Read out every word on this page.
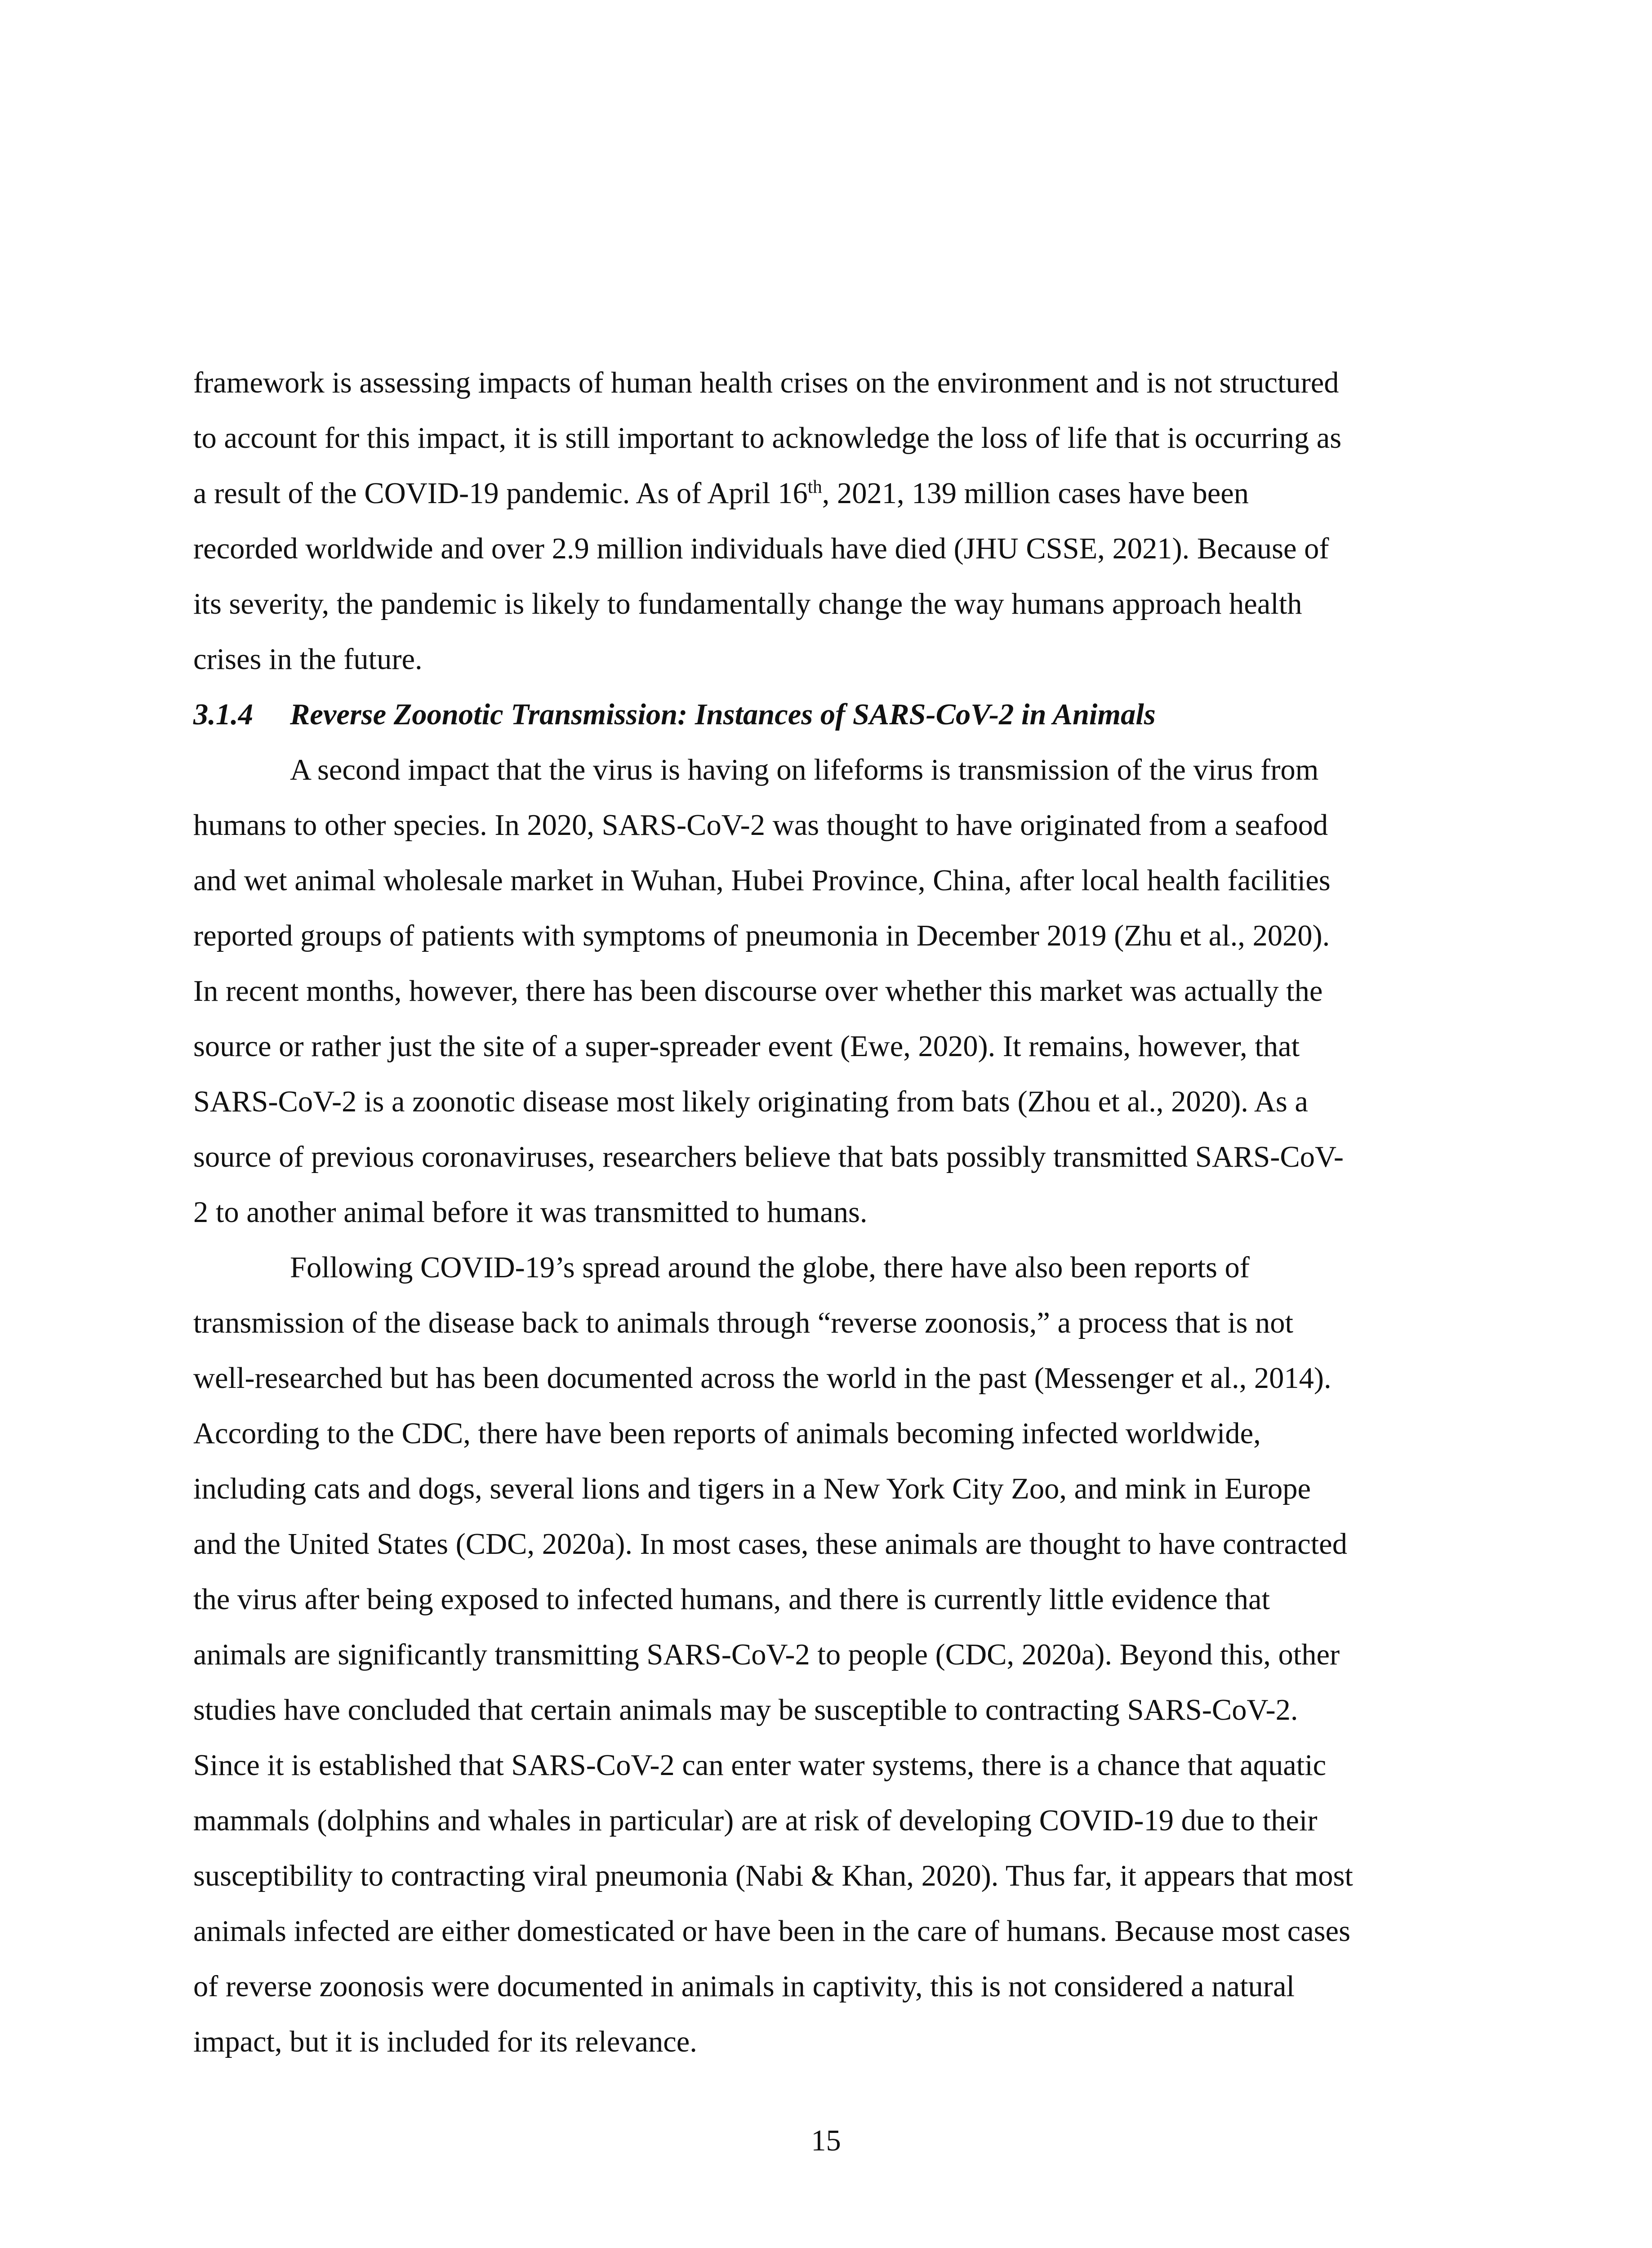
framework is assessing impacts of human health crises on the environment and is not structured
to account for this impact, it is still important to acknowledge the loss of life that is occurring as
a result of the COVID-19 pandemic. As of April 16th, 2021, 139 million cases have been
recorded worldwide and over 2.9 million individuals have died (JHU CSSE, 2021). Because of
its severity, the pandemic is likely to fundamentally change the way humans approach health
crises in the future.
3.1.4 Reverse Zoonotic Transmission: Instances of SARS-CoV-2 in Animals
A second impact that the virus is having on lifeforms is transmission of the virus from
humans to other species. In 2020, SARS-CoV-2 was thought to have originated from a seafood
and wet animal wholesale market in Wuhan, Hubei Province, China, after local health facilities
reported groups of patients with symptoms of pneumonia in December 2019 (Zhu et al., 2020).
In recent months, however, there has been discourse over whether this market was actually the
source or rather just the site of a super-spreader event (Ewe, 2020). It remains, however, that
SARS-CoV-2 is a zoonotic disease most likely originating from bats (Zhou et al., 2020). As a
source of previous coronaviruses, researchers believe that bats possibly transmitted SARS-CoV-
2 to another animal before it was transmitted to humans.
Following COVID-19’s spread around the globe, there have also been reports of
transmission of the disease back to animals through “reverse zoonosis,” a process that is not
well-researched but has been documented across the world in the past (Messenger et al., 2014).
According to the CDC, there have been reports of animals becoming infected worldwide,
including cats and dogs, several lions and tigers in a New York City Zoo, and mink in Europe
and the United States (CDC, 2020a). In most cases, these animals are thought to have contracted
the virus after being exposed to infected humans, and there is currently little evidence that
animals are significantly transmitting SARS-CoV-2 to people (CDC, 2020a). Beyond this, other
studies have concluded that certain animals may be susceptible to contracting SARS-CoV-2.
Since it is established that SARS-CoV-2 can enter water systems, there is a chance that aquatic
mammals (dolphins and whales in particular) are at risk of developing COVID-19 due to their
susceptibility to contracting viral pneumonia (Nabi & Khan, 2020). Thus far, it appears that most
animals infected are either domesticated or have been in the care of humans. Because most cases
of reverse zoonosis were documented in animals in captivity, this is not considered a natural
impact, but it is included for its relevance.
15
